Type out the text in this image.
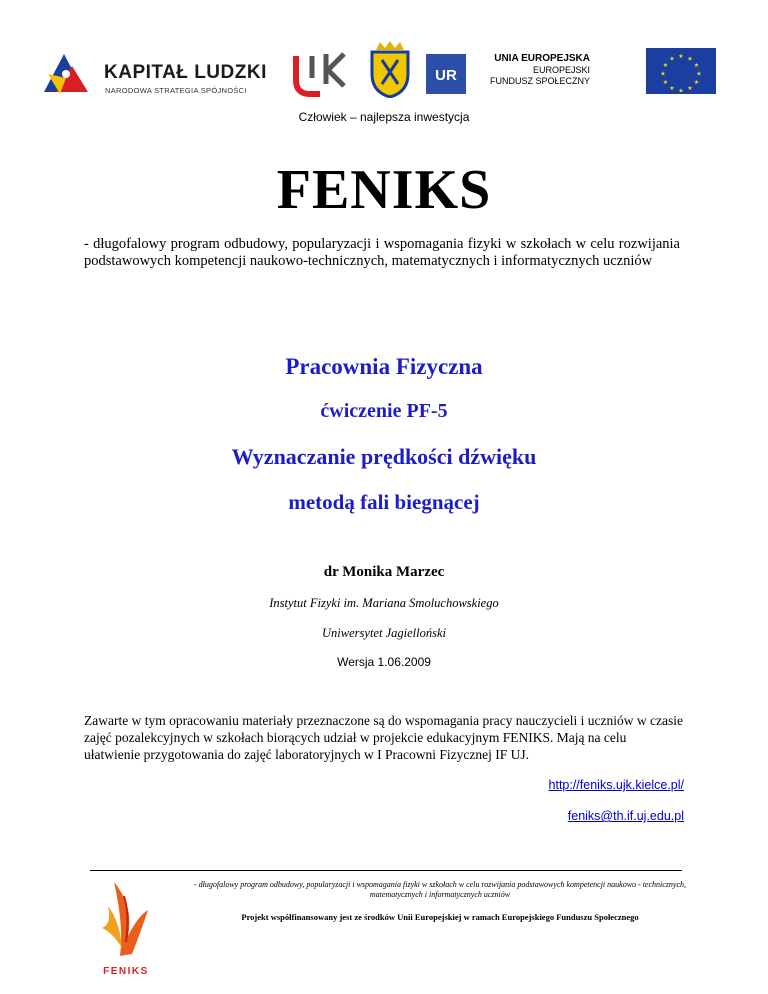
KAPITAŁ LUDZKI
NARODOWA STRATEGIA SPÓJNOŚCI
UR
UNIA EUROPEJSKA
EUROPEJSKI
FUNDUSZ SPOŁECZNY
★ ★
★
★
★
★
★
★
★
★
★
★
Człowiek – najlepsza inwestycja
FENIKS
- długofalowy program odbudowy, popularyzacji i wspomagania fizyki w szkołach w celu rozwijania podstawowych kompetencji naukowo-technicznych, matematycznych i informatycznych uczniów
Pracownia Fizyczna
ćwiczenie PF-5
Wyznaczanie prędkości dźwięku
metodą fali biegnącej
dr Monika Marzec
Instytut Fizyki im. Mariana Smoluchowskiego
Uniwersytet Jagielloński
Wersja 1.06.2009
Zawarte w tym opracowaniu materiały przeznaczone są do wspomagania pracy nauczycieli i uczniów w czasie zajęć pozalekcyjnych w szkołach biorących udział w projekcie edukacyjnym FENIKS. Mają na celu ułatwienie przygotowania do zajęć laboratoryjnych w I Pracowni Fizycznej IF UJ.
http://feniks.ujk.kielce.pl/
feniks@th.if.uj.edu.pl
FENIKS
- długofalowy program odbudowy, popularyzacji i wspomagania fizyki w szkołach w celu rozwijania podstawowych kompetencji naukowo - technicznych, matematycznych i informatycznych uczniów
Projekt współfinansowany jest ze środków Unii Europejskiej w ramach Europejskiego Funduszu Społecznego
